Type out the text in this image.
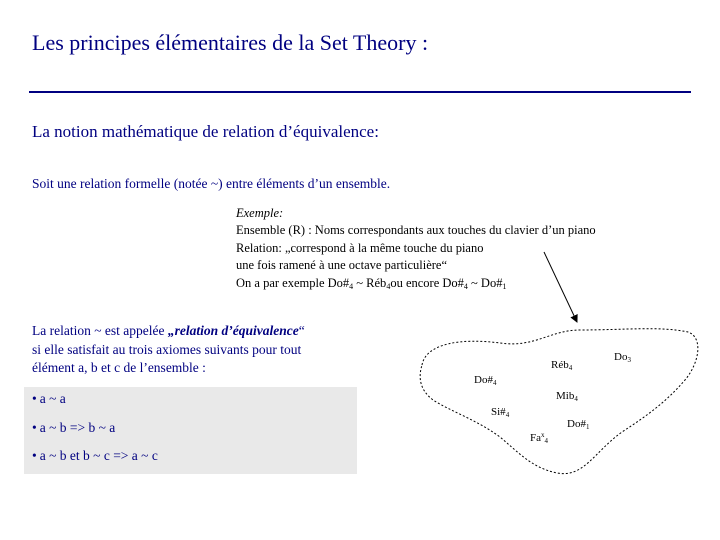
Les principes élémentaires de la Set Theory :
La notion mathématique de relation d’équivalence:
Soit une relation formelle (notée ~) entre éléments d’un ensemble.
Exemple:
Ensemble (R) : Noms correspondants aux touches du clavier d’un piano
Relation: „correspond à la même touche du piano
une fois ramené à une octave particulière“
On a par exemple $Do\#_4$ ~ Réb$_4$ou encore $Do\#_4$ ~ $Do\#_1$
La relation ~ est appelée „relation d’équivalence“
si elle satisfait au trois axiomes suivants pour tout
élément a, b et c de l’ensemble :
• a ~ a
• a ~ b => b ~ a
• a ~ b et b ~ c => a ~ c
Réb$_4$
$Do_3$
$Do\#_4$
Mib$_4$
$Si\#_4$
$Do\#_1$
$Fa^x_4$
